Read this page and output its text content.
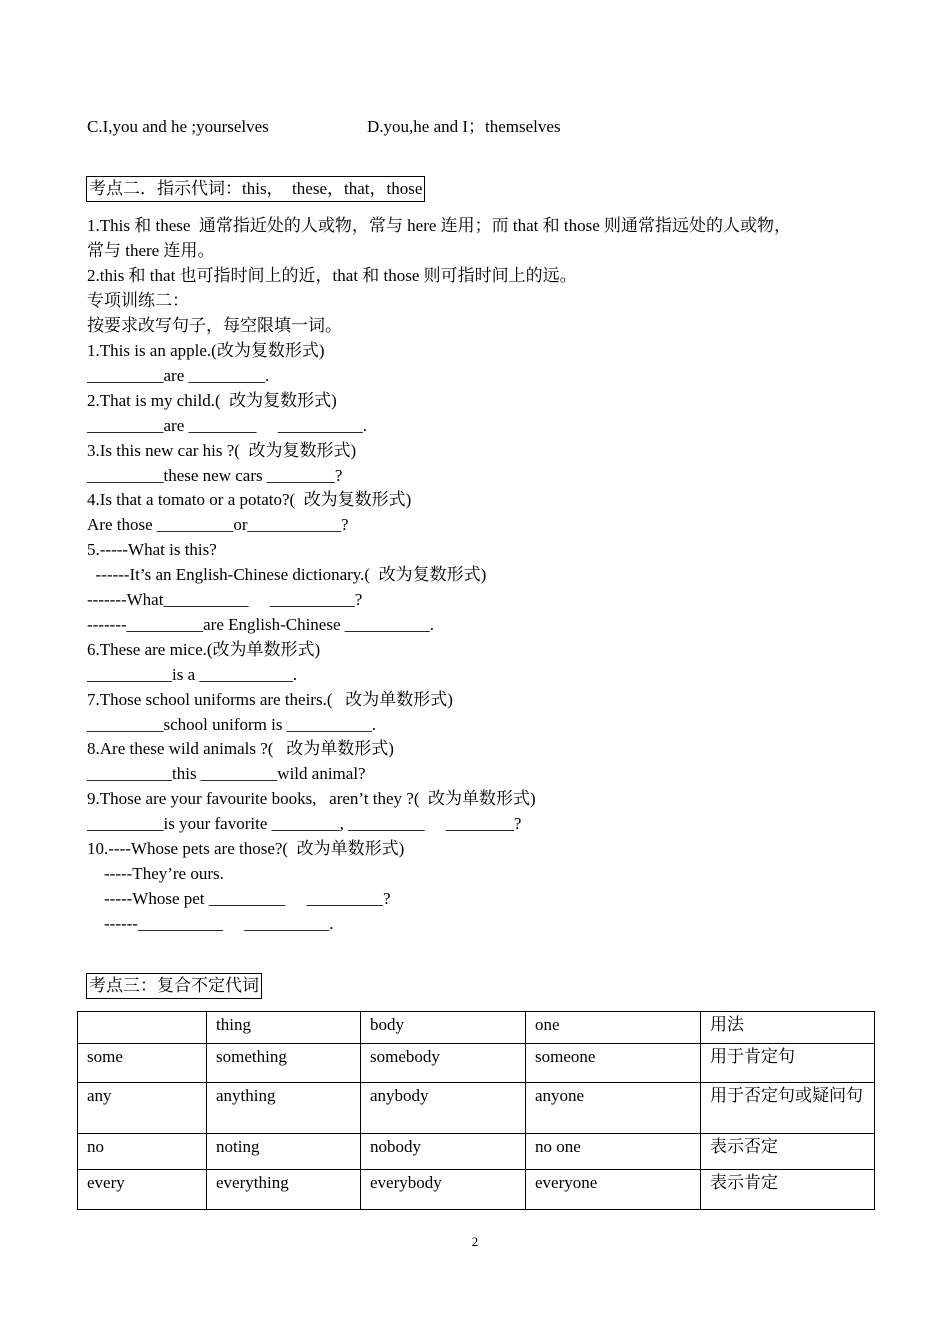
C.I,you and he ;yourselves	D.you,he and I；themselves
考点二．指示代词：this，  these，that，those
1.This 和 these  通常指近处的人或物，常与 here 连用；而 that 和 those 则通常指远处的人或物，
常与 there 连用。
2.this 和 that 也可指时间上的近，that 和 those 则可指时间上的远。
专项训练二：
按要求改写句子，每空限填一词。
1.This is an apple.(改为复数形式)
_________are _________.
2.That is my child.(  改为复数形式)
_________are ________     __________.
3.Is this new car his ?(  改为复数形式)
_________these new cars ________?
4.Is that a tomato or a potato?(  改为复数形式)
Are those _________or___________?
5.-----What is this?
------It’s an English-Chinese dictionary.(  改为复数形式)
-------What__________     __________?
-------_________are English-Chinese __________.
6.These are mice.(改为单数形式)
__________is a ___________.
7.Those school uniforms are theirs.(   改为单数形式)
_________school uniform is __________.
8.Are these wild animals ?(   改为单数形式)
__________this _________wild animal?
9.Those are your favourite books,   aren’t they ?(  改为单数形式)
_________is your favorite ________, _________     ________?
10.----Whose pets are those?(  改为单数形式)
-----They’re ours.
-----Whose pet _________     _________?
------__________     __________.
考点三：复合不定代词
	thing	body	one	用法
some	something	somebody	someone	用于肯定句
any	anything	anybody	anyone	用于否定句或疑问句
no	noting	nobody	no one	表示否定
every	everything	everybody	everyone	表示肯定
2
